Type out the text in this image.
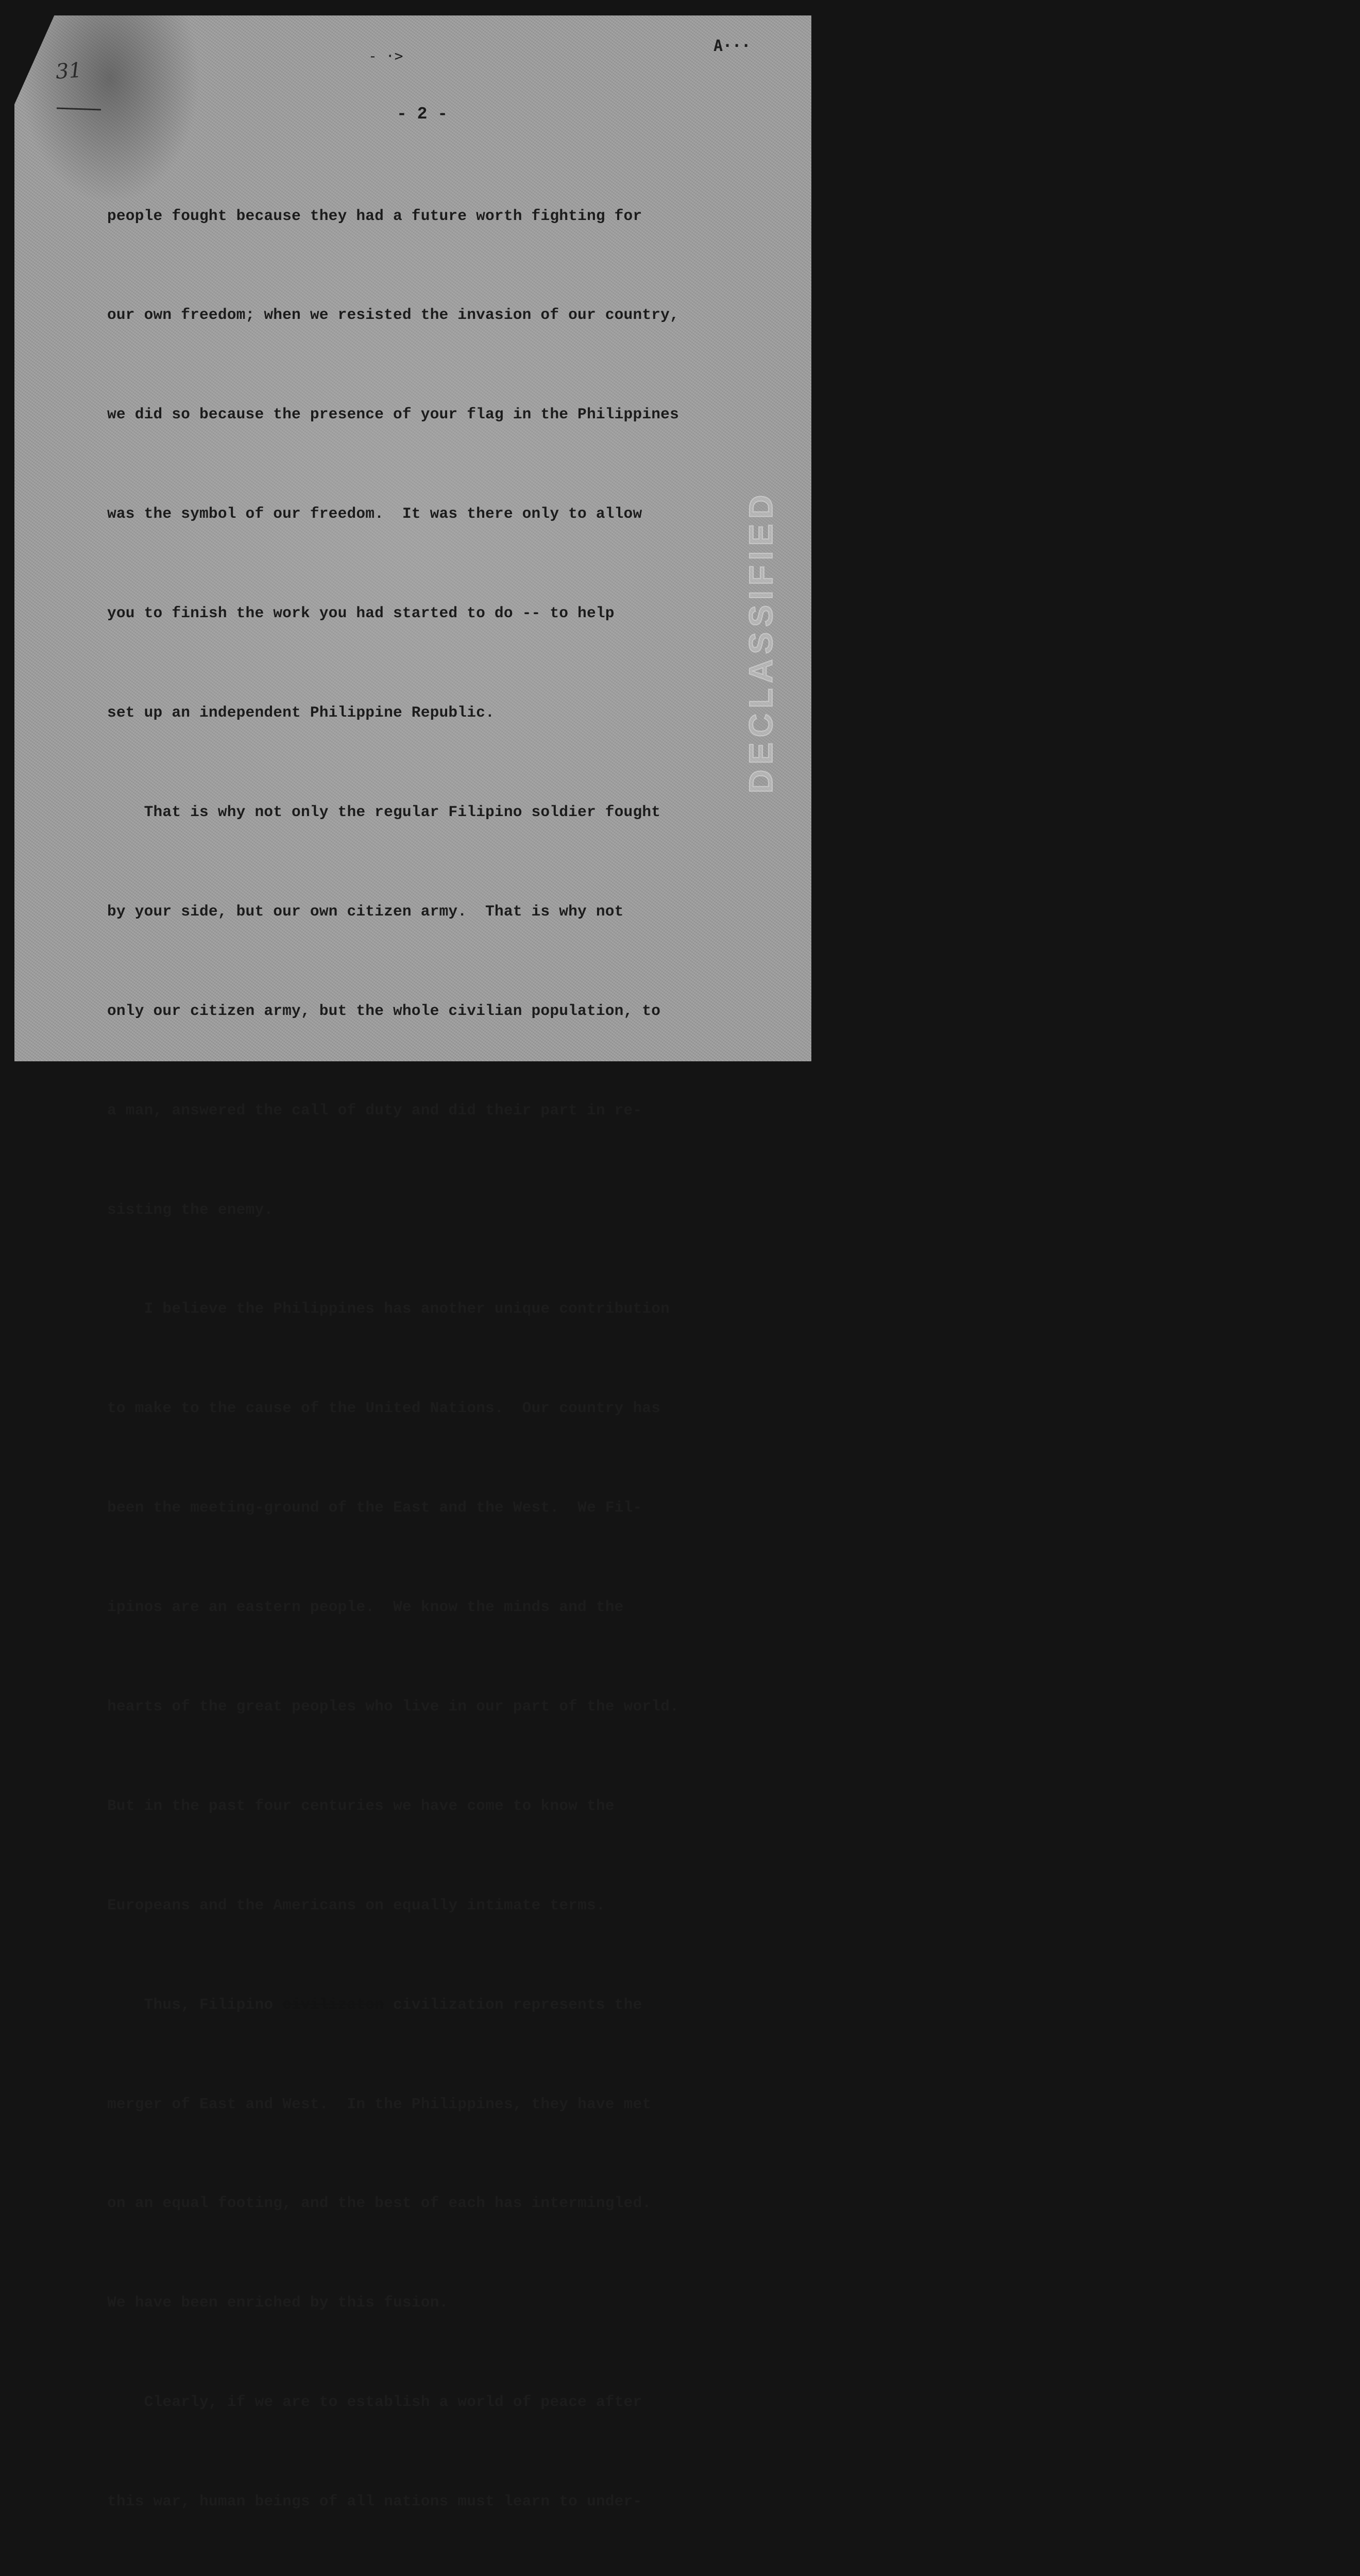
31
- ·>
A···
- 2 -

people fought because they had a future worth fighting for

our own freedom; when we resisted the invasion of our country,

we did so because the presence of your flag in the Philippines

was the symbol of our freedom.  It was there only to allow

you to finish the work you had started to do -- to help

set up an independent Philippine Republic.

That is why not only the regular Filipino soldier fought

by your side, but our own citizen army.  That is why not

only our citizen army, but the whole civilian population, to

a man, answered the call of duty and did their part in re-

sisting the enemy.

I believe the Philippines has another unique contribution

to make to the cause of the United Nations.  Our country has

been the meeting-ground of the East and the West.  We Fil-

ipinos are an eastern people.  We know the minds and the

hearts of the great peoples who live in our part of the world.

But in the past four centuries we have come to know the

Europeans and the Americans on equally intimate terms.

Thus, Filipino civilizaton civilization represents the

merger of East and West.  In the Philippines, they have met

on an equal footing, and the best of each has intermingled.

We have been enriched by this fusion.

Clearly, if we are to establish a world of peace after

this war, human beings of all nations must learn to under-
